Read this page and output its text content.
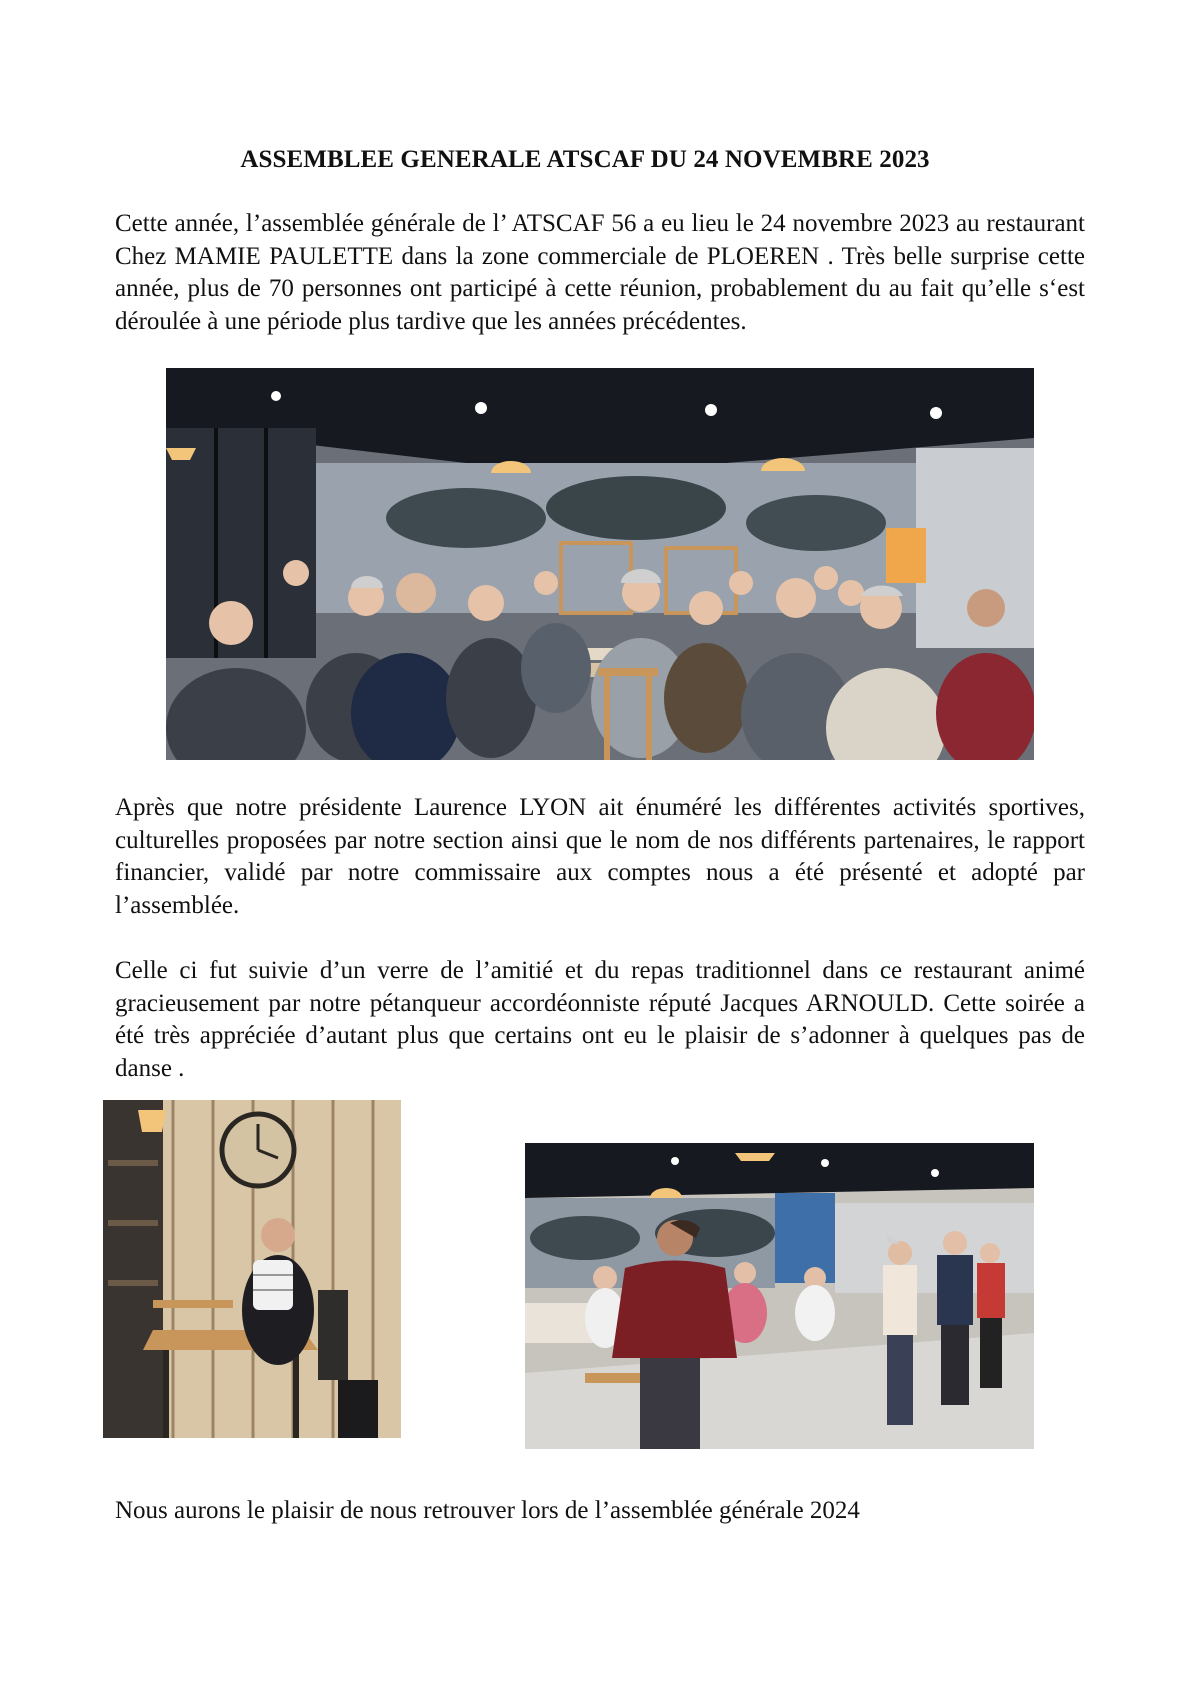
ASSEMBLEE GENERALE ATSCAF DU 24 NOVEMBRE 2023

Cette année, l’assemblée générale de l’ ATSCAF 56 a eu lieu le 24 novembre 2023 au restaurant Chez MAMIE PAULETTE dans la zone commerciale de PLOEREN . Très belle surprise cette année, plus de 70 personnes ont participé à cette réunion, probablement du au fait qu’elle s‘est déroulée à une période plus tardive que les années précédentes.

Après que notre présidente Laurence LYON ait énuméré les différentes activités sportives, culturelles proposées par notre section ainsi que le nom de nos différents partenaires, le rapport financier, validé par notre commissaire aux comptes nous a été présenté et adopté par l’assemblée.

Celle ci fut suivie d’un verre de l’amitié et du repas traditionnel dans ce restaurant animé gracieusement par notre pétanqueur accordéonniste réputé Jacques ARNOULD. Cette soirée a été très appréciée d’autant plus que certains ont eu le plaisir de s’adonner à quelques pas de danse .

Nous aurons le plaisir de nous retrouver lors de l’assemblée générale 2024
